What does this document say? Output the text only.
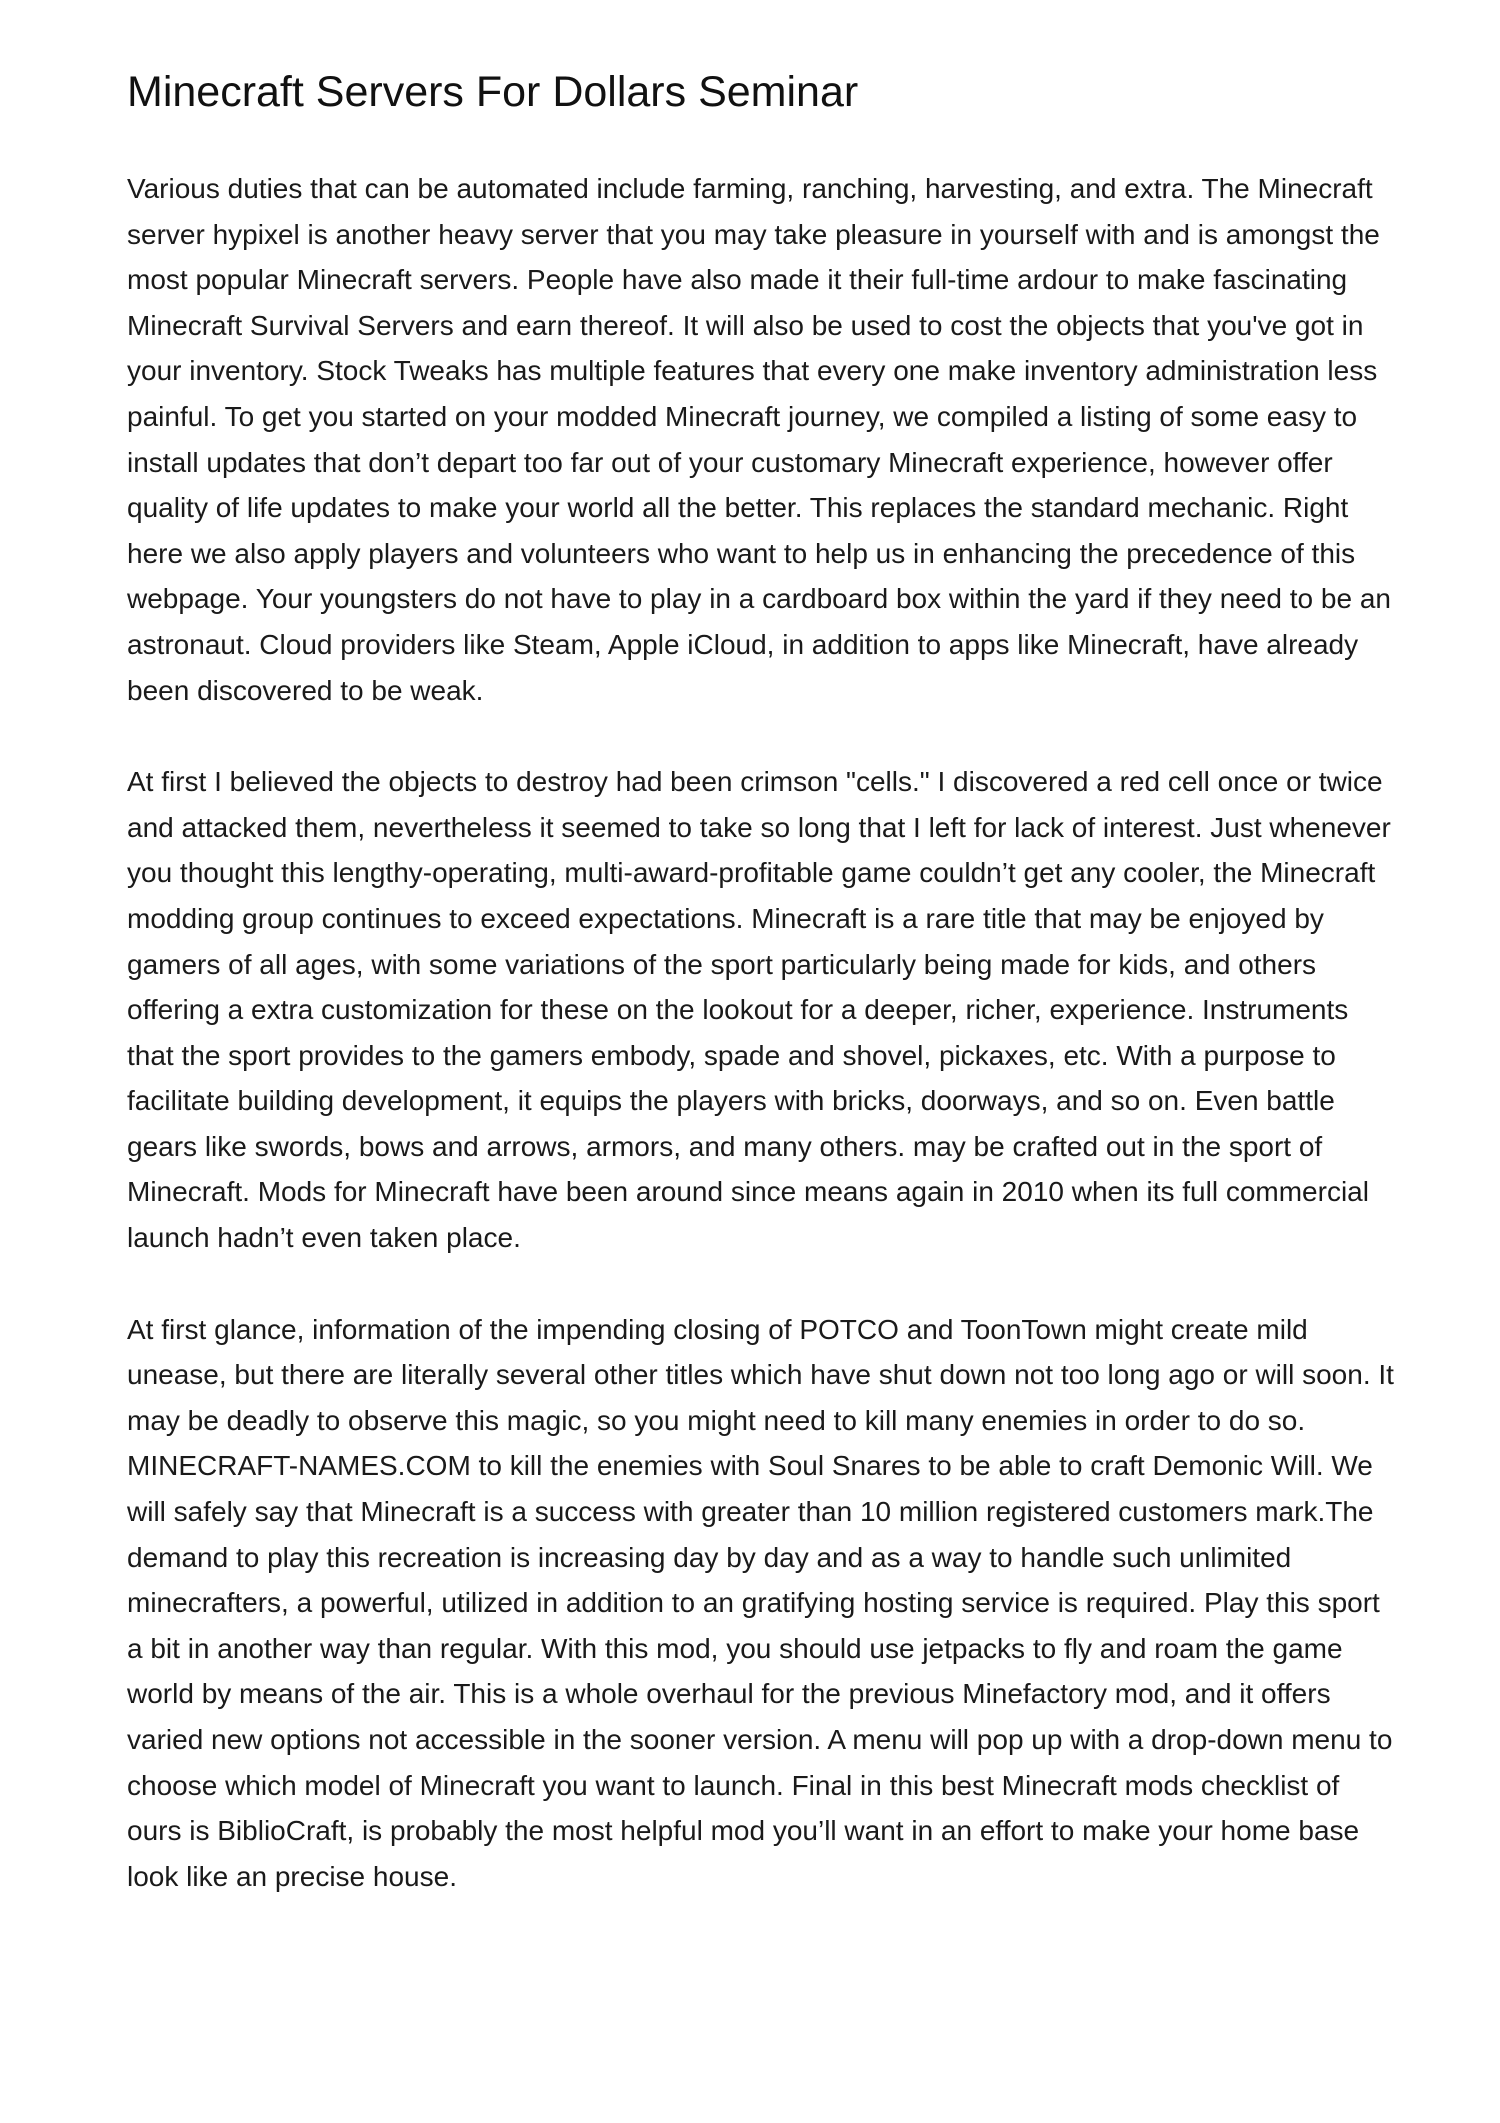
Minecraft Servers For Dollars Seminar

Various duties that can be automated include farming, ranching, harvesting, and extra. The Minecraft server hypixel is another heavy server that you may take pleasure in yourself with and is amongst the most popular Minecraft servers. People have also made it their full-time ardour to make fascinating Minecraft Survival Servers and earn thereof. It will also be used to cost the objects that you've got in your inventory. Stock Tweaks has multiple features that every one make inventory administration less painful. To get you started on your modded Minecraft journey, we compiled a listing of some easy to install updates that don’t depart too far out of your customary Minecraft experience, however offer quality of life updates to make your world all the better. This replaces the standard mechanic. Right here we also apply players and volunteers who want to help us in enhancing the precedence of this webpage. Your youngsters do not have to play in a cardboard box within the yard if they need to be an astronaut. Cloud providers like Steam, Apple iCloud, in addition to apps like Minecraft, have already been discovered to be weak.

At first I believed the objects to destroy had been crimson "cells." I discovered a red cell once or twice and attacked them, nevertheless it seemed to take so long that I left for lack of interest. Just whenever you thought this lengthy-operating, multi-award-profitable game couldn’t get any cooler, the Minecraft modding group continues to exceed expectations. Minecraft is a rare title that may be enjoyed by gamers of all ages, with some variations of the sport particularly being made for kids, and others offering a extra customization for these on the lookout for a deeper, richer, experience. Instruments that the sport provides to the gamers embody, spade and shovel, pickaxes, etc. With a purpose to facilitate building development, it equips the players with bricks, doorways, and so on. Even battle gears like swords, bows and arrows, armors, and many others. may be crafted out in the sport of Minecraft. Mods for Minecraft have been around since means again in 2010 when its full commercial launch hadn’t even taken place.

At first glance, information of the impending closing of POTCO and ToonTown might create mild unease, but there are literally several other titles which have shut down not too long ago or will soon. It may be deadly to observe this magic, so you might need to kill many enemies in order to do so. MINECRAFT-NAMES.COM to kill the enemies with Soul Snares to be able to craft Demonic Will. We will safely say that Minecraft is a success with greater than 10 million registered customers mark.The demand to play this recreation is increasing day by day and as a way to handle such unlimited minecrafters, a powerful, utilized in addition to an gratifying hosting service is required. Play this sport a bit in another way than regular. With this mod, you should use jetpacks to fly and roam the game world by means of the air. This is a whole overhaul for the previous Minefactory mod, and it offers varied new options not accessible in the sooner version. A menu will pop up with a drop-down menu to choose which model of Minecraft you want to launch. Final in this best Minecraft mods checklist of ours is BiblioCraft, is probably the most helpful mod you’ll want in an effort to make your home base look like an precise house.
